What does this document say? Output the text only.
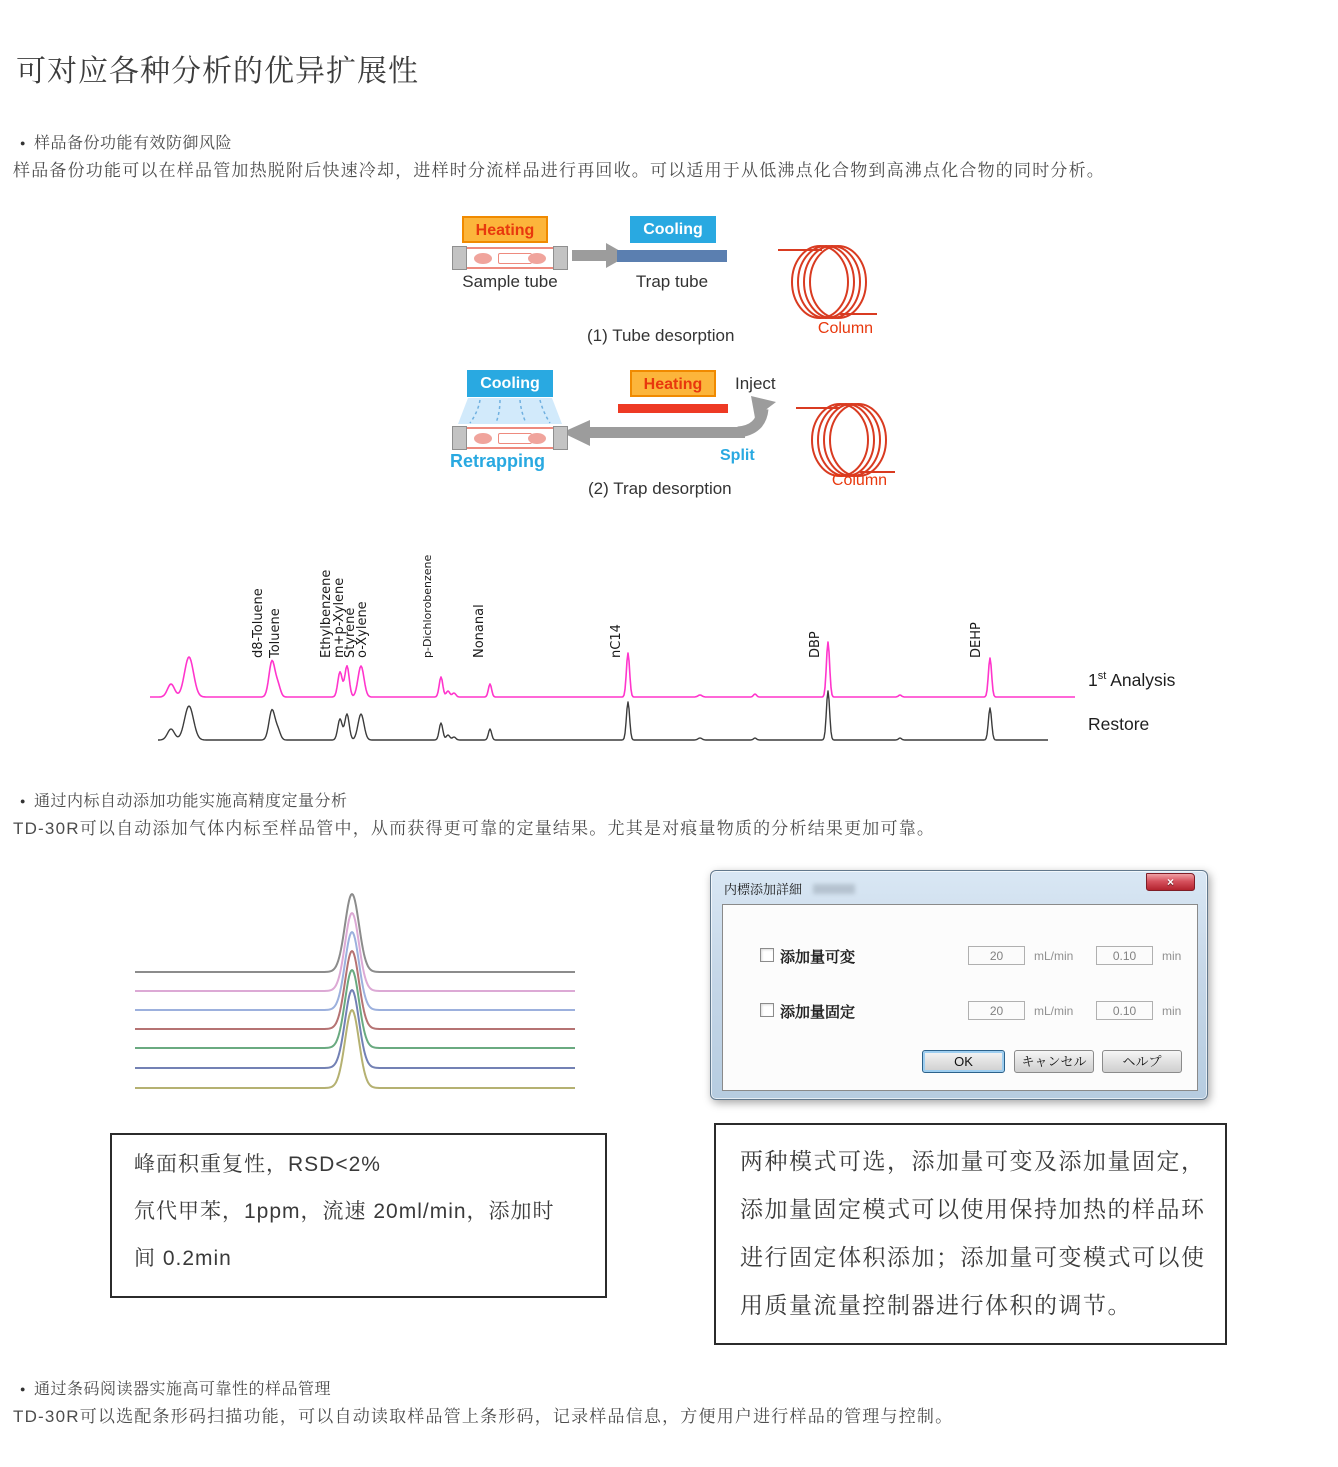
可对应各种分析的优异扩展性
● 样品备份功能有效防御风险
样品备份功能可以在样品管加热脱附后快速冷却，进样时分流样品进行再回收。可以适用于从低沸点化合物到高沸点化合物的同时分析。
Heating	Cooling
Sample tube	Trap tube
(1) Tube desorption	Column
Cooling	Heating	Inject
Retrapping	Split
(2) Trap desorption	Column
d8-Toluene Toluene	Ethylbenzene
m+p-Xylene
Styrene
o-Xylene	p-Dichlorobenzene	Nonanal	nC14	DBP	DEHP
1st Analysis
Restore
● 通过内标自动添加功能实施高精度定量分析
TD-30R可以自动添加气体内标至样品管中，从而获得更可靠的定量结果。尤其是对痕量物质的分析结果更加可靠。
内標添加詳細	×
添加量可変
20	mL/min
0.10	min
添加量固定
20	mL/min
0.10	min
OK	キャンセル	ヘルプ
峰面积重复性，RSD<2%
氘代甲苯，1ppm，流速 20ml/min，添加时
间 0.2min
两种模式可选，添加量可变及添加量固定，
添加量固定模式可以使用保持加热的样品环
进行固定体积添加；添加量可变模式可以使
用质量流量控制器进行体积的调节。
● 通过条码阅读器实施高可靠性的样品管理
TD-30R可以选配条形码扫描功能，可以自动读取样品管上条形码，记录样品信息，方便用户进行样品的管理与控制。
